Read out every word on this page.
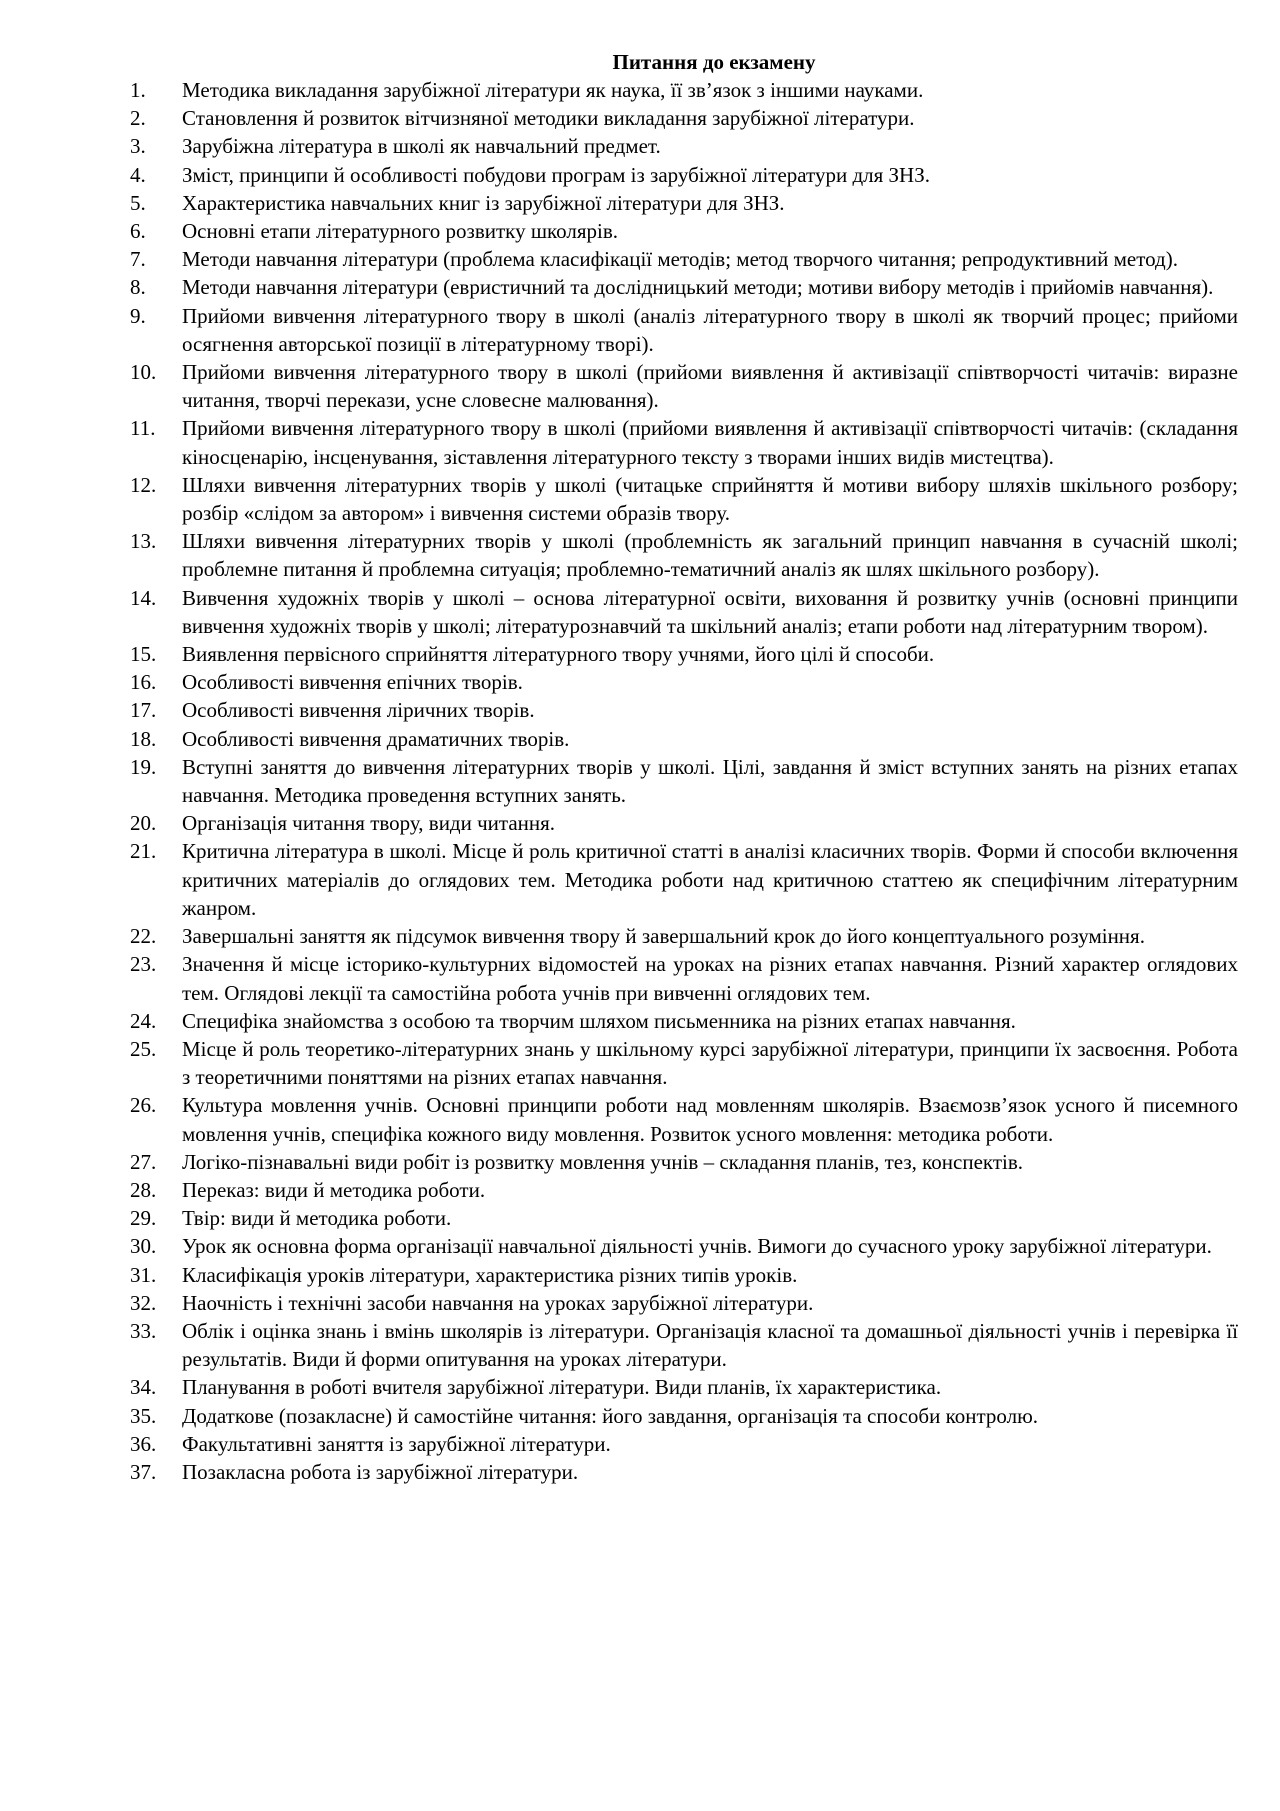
Питання до екзамену
1.	Методика викладання зарубіжної літератури як наука, її зв’язок з іншими науками.
2.	Становлення й розвиток вітчизняної методики викладання зарубіжної літератури.
3.	Зарубіжна література в школі як навчальний предмет.
4.	Зміст, принципи й особливості побудови програм із зарубіжної літератури для ЗНЗ.
5.	Характеристика навчальних книг із зарубіжної літератури для ЗНЗ.
6.	Основні етапи літературного розвитку школярів.
7.	Методи навчання літератури (проблема класифікації методів; метод творчого читання; репродуктивний метод).
8.	Методи навчання літератури (евристичний та дослідницький методи; мотиви вибору методів і прийомів навчання).
9.	Прийоми вивчення літературного твору в школі (аналіз літературного твору в школі як творчий процес; прийоми осягнення авторської позиції в літературному творі).
10.	Прийоми вивчення літературного твору в школі (прийоми виявлення й активізації співтворчості читачів: виразне читання, творчі перекази, усне словесне малювання).
11.	Прийоми вивчення літературного твору в школі (прийоми виявлення й активізації співтворчості читачів: (складання кіносценарію, інсценування, зіставлення літературного тексту з творами інших видів мистецтва).
12.	Шляхи вивчення літературних творів у школі (читацьке сприйняття й мотиви вибору шляхів шкільного розбору; розбір «слідом за автором» і вивчення системи образів твору.
13.	Шляхи вивчення літературних творів у школі (проблемність як загальний принцип навчання в сучасній школі; проблемне питання й проблемна ситуація; проблемно-тематичний аналіз як шлях шкільного розбору).
14.	Вивчення художніх творів у школі – основа літературної освіти, виховання й розвитку учнів (основні принципи вивчення художніх творів у школі; літературознавчий та шкільний аналіз; етапи роботи над літературним твором).
15.	Виявлення первісного сприйняття літературного твору учнями, його цілі й способи.
16.	Особливості вивчення епічних творів.
17.	Особливості вивчення ліричних творів.
18.	Особливості вивчення драматичних творів.
19.	Вступні заняття до вивчення літературних творів у школі. Цілі, завдання й зміст вступних занять на різних етапах навчання. Методика проведення вступних занять.
20.	Організація читання твору, види читання.
21.	Критична література в школі. Місце й роль критичної статті в аналізі класичних творів. Форми й способи включення критичних матеріалів до оглядових тем. Методика роботи над критичною статтею як специфічним літературним жанром.
22.	Завершальні заняття як підсумок вивчення твору й завершальний крок до його концептуального розуміння.
23.	Значення й місце історико-культурних відомостей на уроках на різних етапах навчання. Різний характер оглядових тем. Оглядові лекції та самостійна робота учнів при вивченні оглядових тем.
24.	Специфіка знайомства з особою та творчим шляхом письменника на різних етапах навчання.
25.	Місце й роль теоретико-літературних знань у шкільному курсі зарубіжної літератури, принципи їх засвоєння. Робота з теоретичними поняттями на різних етапах навчання.
26.	Культура мовлення учнів. Основні принципи роботи над мовленням школярів. Взаємозв’язок усного й писемного мовлення учнів, специфіка кожного виду мовлення. Розвиток усного мовлення: методика роботи.
27.	Логіко-пізнавальні види робіт із розвитку мовлення учнів – складання планів, тез, конспектів.
28.	Переказ: види й методика роботи.
29.	Твір: види й методика роботи.
30.	Урок як основна форма організації навчальної діяльності учнів. Вимоги до сучасного уроку зарубіжної літератури.
31.	Класифікація уроків літератури, характеристика різних типів уроків.
32.	Наочність і технічні засоби навчання на уроках зарубіжної літератури.
33.	Облік і оцінка знань і вмінь школярів із літератури. Організація класної та домашньої діяльності учнів і перевірка її результатів. Види й форми опитування на уроках літератури.
34.	Планування в роботі вчителя зарубіжної літератури. Види планів, їх характеристика.
35.	Додаткове (позакласне) й самостійне читання: його завдання, організація та способи контролю.
36.	Факультативні заняття із зарубіжної літератури.
37.	Позакласна робота із зарубіжної літератури.
